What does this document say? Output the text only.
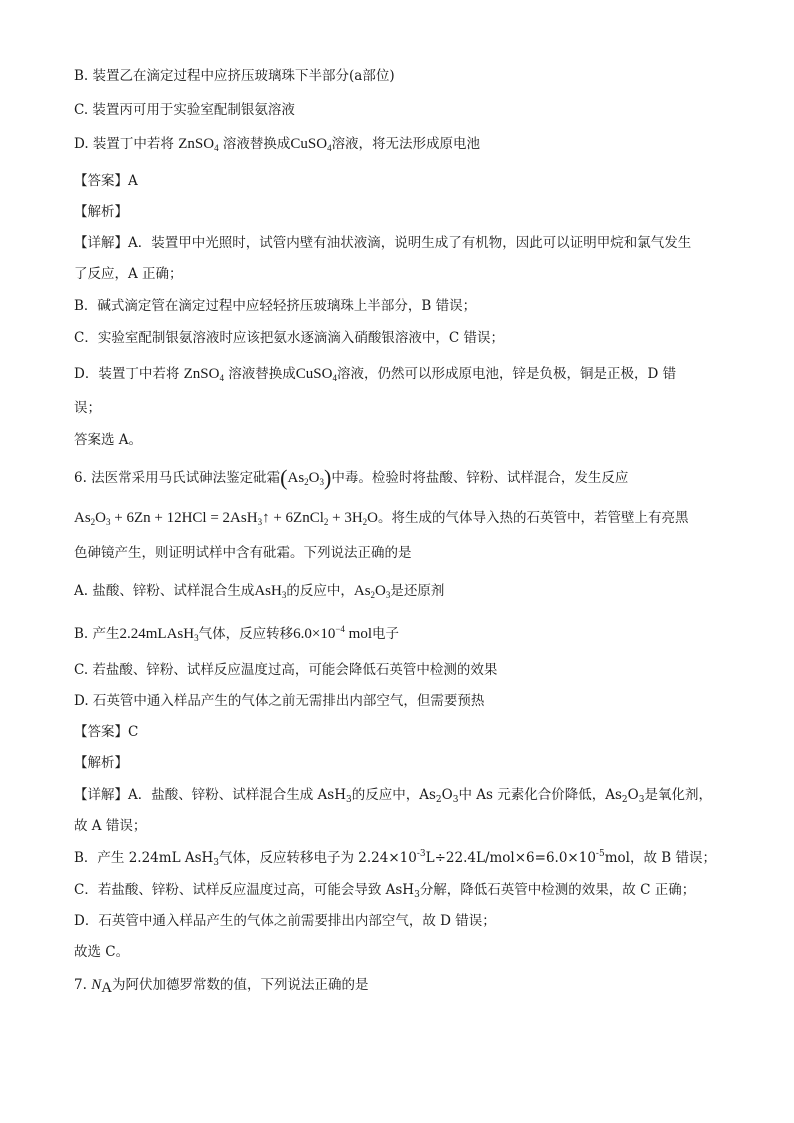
B. 装置乙在滴定过程中应挤压玻璃珠下半部分(a部位)
C. 装置丙可用于实验室配制银氨溶液
D. 装置丁中若将 ZnSO$_4$ 溶液替换成CuSO$_4$溶液，将无法形成原电池
【答案】A
【解析】
【详解】A．装置甲中光照时，试管内壁有油状液滴，说明生成了有机物，因此可以证明甲烷和氯气发生
了反应，A 正确；
B．碱式滴定管在滴定过程中应轻轻挤压玻璃珠上半部分，B 错误；
C．实验室配制银氨溶液时应该把氨水逐滴滴入硝酸银溶液中，C 错误；
D．装置丁中若将 ZnSO$_4$ 溶液替换成CuSO$_4$溶液，仍然可以形成原电池，锌是负极，铜是正极，D 错
误；
答案选 A。
6. 法医常采用马氏试砷法鉴定砒霜$(As_2O_3)$中毒。检验时将盐酸、锌粉、试样混合，发生反应
$As_2O_3 + 6Zn + 12HCl$ = 2AsH$_3$↑ + 6ZnCl$_2$ + $3H_2O$。将生成的气体导入热的石英管中，若管壁上有亮黑
色砷镜产生，则证明试样中含有砒霜。下列说法正确的是
A. 盐酸、锌粉、试样混合生成AsH$_3$的反应中，$As_2O_3$是还原剂
B. 产生2.24mLAsH$_3$气体，反应转移$6.0\times 10^{-4}$ mol电子
C. 若盐酸、锌粉、试样反应温度过高，可能会降低石英管中检测的效果
D. 石英管中通入样品产生的气体之前无需排出内部空气，但需要预热
【答案】C
【解析】
【详解】A．盐酸、锌粉、试样混合生成 AsH$_3$的反应中，$As_2O_3$中 As 元素化合价降低，$As_2O_3$是氧化剂，
故 A 错误；
B．产生 2.24mL AsH$_3$气体，反应转移电子为 $2.24\times 10^{-3}L\div 22.4L/mol\times 6=6.0\times 10^{-5}mol$，故 B 错误；
C．若盐酸、锌粉、试样反应温度过高，可能会导致 AsH$_3$分解，降低石英管中检测的效果，故 C 正确；
D．石英管中通入样品产生的气体之前需要排出内部空气，故 D 错误；
故选 C。
7. $N_A$为阿伏加德罗常数的值，下列说法正确的是
